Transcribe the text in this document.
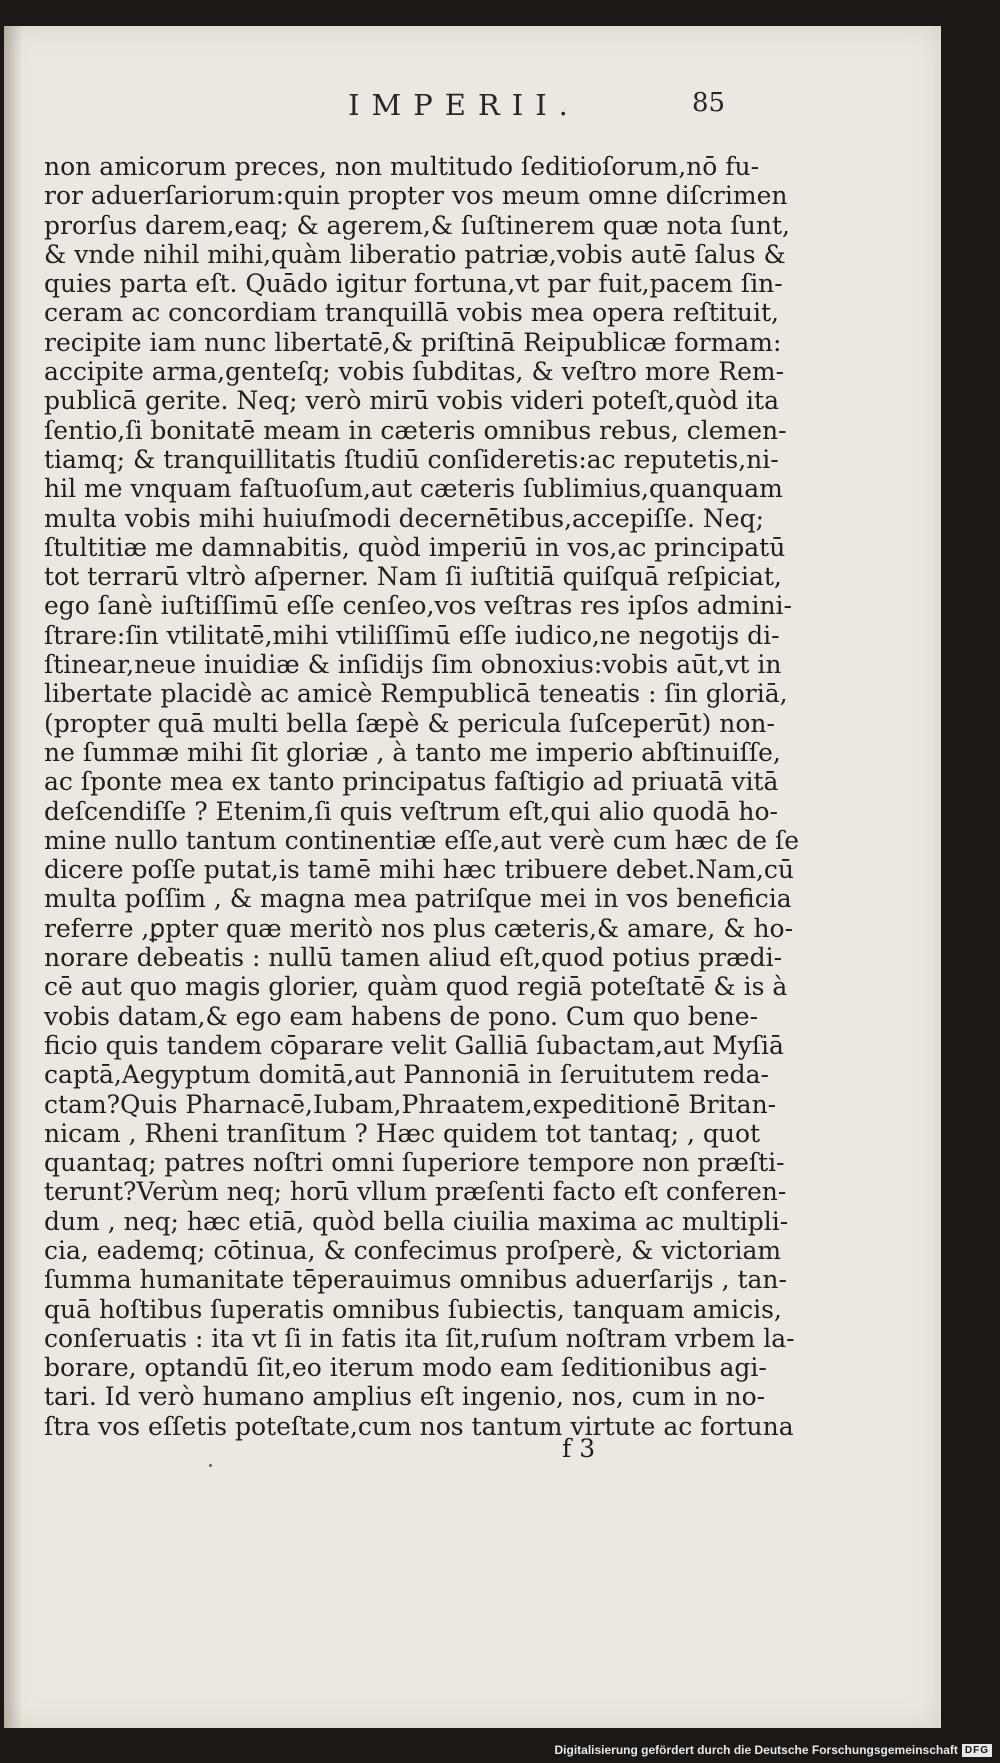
IMPERII.	85
non amicorum preces, non multitudo ſeditioſorum,nō fu-
ror aduerſariorum:quin propter vos meum omne diſcrimen
prorſus darem,eaq; & agerem,& ſuſtinerem quæ nota ſunt,
& vnde nihil mihi,quàm liberatio patriæ,vobis autē ſalus &
quies parta eſt. Quādo igitur fortuna,vt par fuit,pacem ſin-
ceram ac concordiam tranquillā vobis mea opera reſtituit,
recipite iam nunc libertatē,& priſtinā Reipublicæ formam:
accipite arma,genteſq; vobis ſubditas, & veſtro more Rem-
publicā gerite. Neq; verò mirū vobis videri poteſt,quòd ita
ſentio,ſi bonitatē meam in cæteris omnibus rebus, clemen-
tiamq; & tranquillitatis ſtudiū conſideretis:ac reputetis,ni-
hil me vnquam faſtuoſum,aut cæteris ſublimius,quanquam
multa vobis mihi huiuſmodi decernētibus,accepiſſe. Neq;
ſtultitiæ me damnabitis, quòd imperiū in vos,ac principatū
tot terrarū vltrò aſperner. Nam ſi iuſtitiā quiſquā reſpiciat,
ego ſanè iuſtiſſimū eſſe cenſeo,vos veſtras res ipſos admini-
ſtrare:ſin vtilitatē,mihi vtiliſſimū eſſe iudico,ne negotijs di-
ſtinear,neue inuidiæ & inſidijs ſim obnoxius:vobis aūt,vt in
libertate placidè ac amicè Rempublicā teneatis : ſin gloriā,
(propter quā multi bella ſæpè & pericula ſuſceperūt) non-
ne ſummæ mihi ſit gloriæ , à tanto me imperio abſtinuiſſe,
ac ſponte mea ex tanto principatus faſtigio ad priuatā vitā
deſcendiſſe ? Etenim,ſi quis veſtrum eſt,qui alio quodā ho-
mine nullo tantum continentiæ eſſe,aut verè cum hæc de ſe
dicere poſſe putat,is tamē mihi hæc tribuere debet.Nam,cū
multa poſſim , & magna mea patriſque mei in vos beneficia
referre ,ꝑpter quæ meritò nos plus cæteris,& amare, & ho-
norare debeatis : nullū tamen aliud eſt,quod potius prædi-
cē aut quo magis glorier, quàm quod regiā poteſtatē & is à
vobis datam,& ego eam habens de pono. Cum quo bene-
ficio quis tandem cōparare velit Galliā ſubactam,aut Myſiā
captā,Aegyptum domitā,aut Pannoniā in ſeruitutem reda-
ctam?Quis Pharnacē,Iubam,Phraatem,expeditionē Britan-
nicam , Rheni tranſitum ? Hæc quidem tot tantaq; , quot
quantaq; patres noſtri omni ſuperiore tempore non præſti-
terunt?Verùm neq; horū vllum præſenti facto eſt conferen-
dum , neq; hæc etiā, quòd bella ciuilia maxima ac multipli-
cia, eademq; cōtinua, & confecimus proſperè, & victoriam
ſumma humanitate tēperauimus omnibus aduerſarijs , tan-
quā hoſtibus ſuperatis omnibus ſubiectis, tanquam amicis,
conſeruatis : ita vt ſi in fatis ita ſit,ruſum noſtram vrbem la-
borare, optandū ſit,eo iterum modo eam ſeditionibus agi-
tari. Id verò humano amplius eſt ingenio, nos, cum in no-
ſtra vos eſſetis poteſtate,cum nos tantum virtute ac fortuna
f 3
Digitalisierung gefördert durch die Deutsche Forschungsgemeinschaft DFG
